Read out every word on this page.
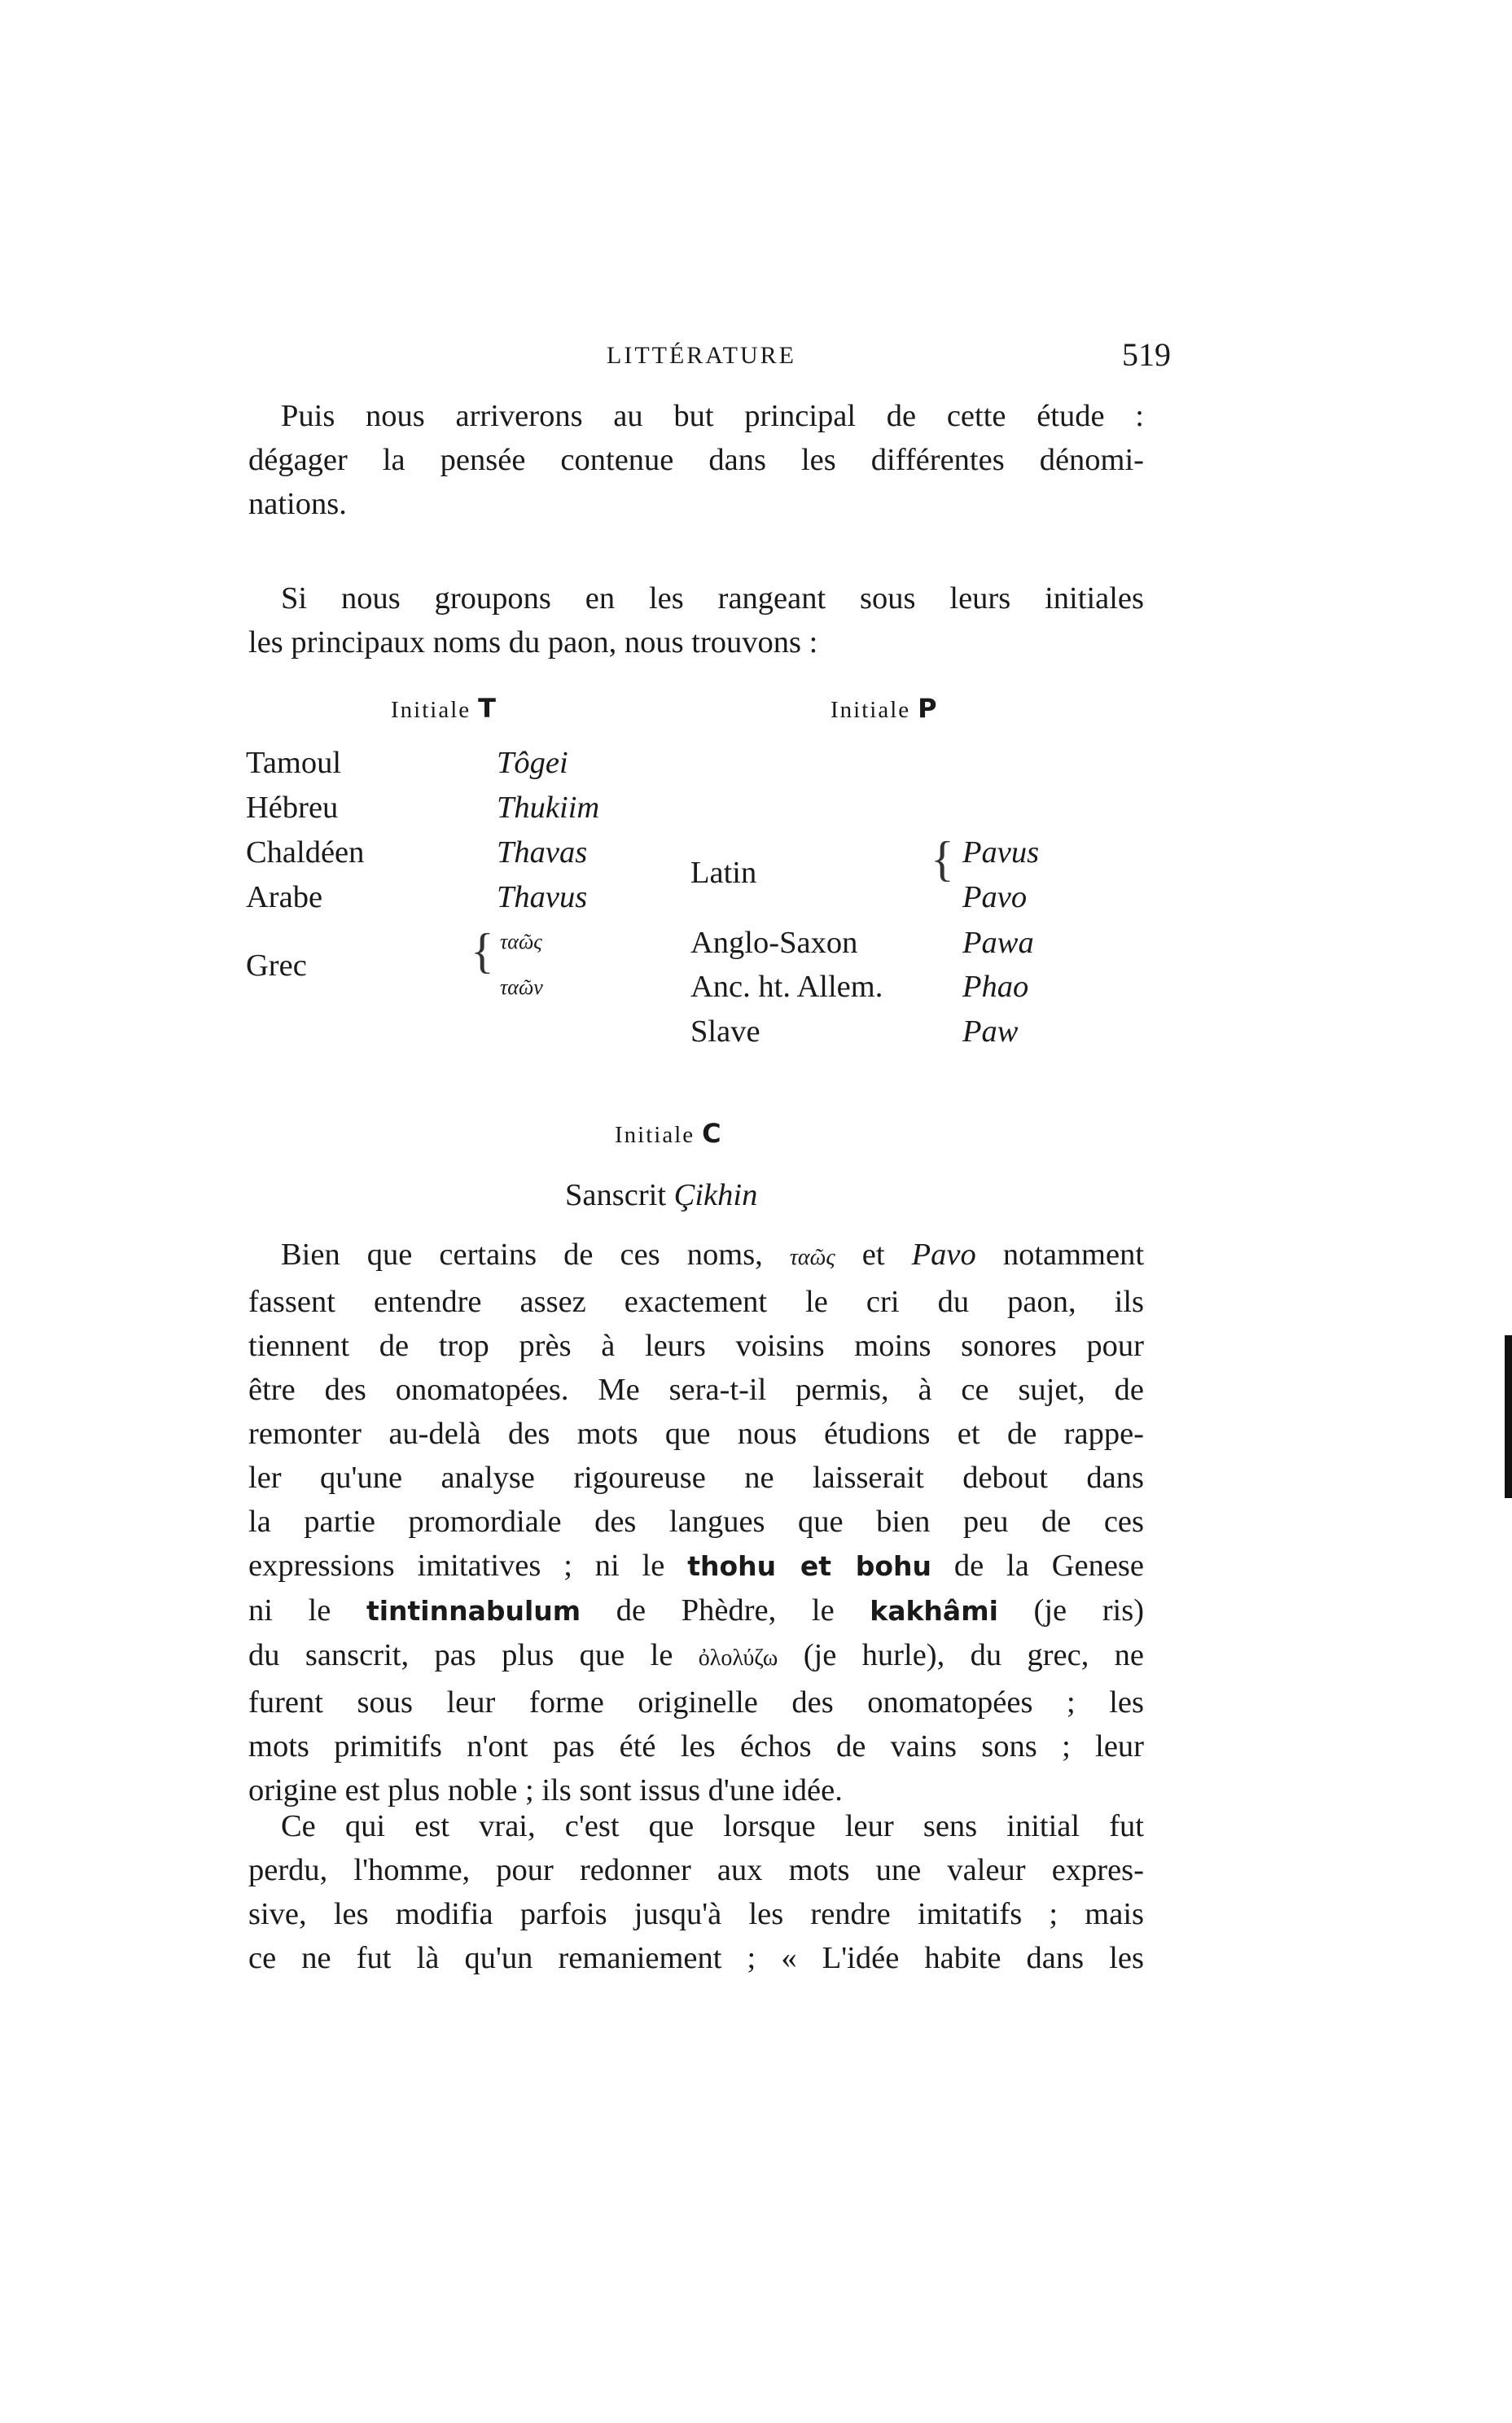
LITTÉRATURE	519
Puis nous arriverons au but principal de cette étude :
dégager la pensée contenue dans les différentes dénomi-
nations.
Si nous groupons en les rangeant sous leurs initiales
les principaux noms du paon, nous trouvons :
Initiale T	Initiale P
Tamoul	Tôgei
Hébreu	Thukiim
Chaldéen	Thavas
Arabe	Thavus
Grec	{ ταῶς
ταῶν
Latin	{ Pavus
Pavo
Anglo-Saxon	Pawa
Anc. ht. Allem.	Phao
Slave	Paw
Initiale C
Sanscrit Çikhin
Bien que certains de ces noms, ταῶς et Pavo notamment
fassent entendre assez exactement le cri du paon, ils
tiennent de trop près à leurs voisins moins sonores pour
être des onomatopées. Me sera-t-il permis, à ce sujet, de
remonter au-delà des mots que nous étudions et de rappe-
ler qu'une analyse rigoureuse ne laisserait debout dans
la partie promordiale des langues que bien peu de ces
expressions imitatives ; ni le thohu et bohu de la Genese
ni le tintinnabulum de Phèdre, le kakhâmi (je ris)
du sanscrit, pas plus que le ὀλολύζω (je hurle), du grec, ne
furent sous leur forme originelle des onomatopées ; les
mots primitifs n'ont pas été les échos de vains sons ; leur
origine est plus noble ; ils sont issus d'une idée.
Ce qui est vrai, c'est que lorsque leur sens initial fut
perdu, l'homme, pour redonner aux mots une valeur expres-
sive, les modifia parfois jusqu'à les rendre imitatifs ; mais
ce ne fut là qu'un remaniement ; « L'idée habite dans les
